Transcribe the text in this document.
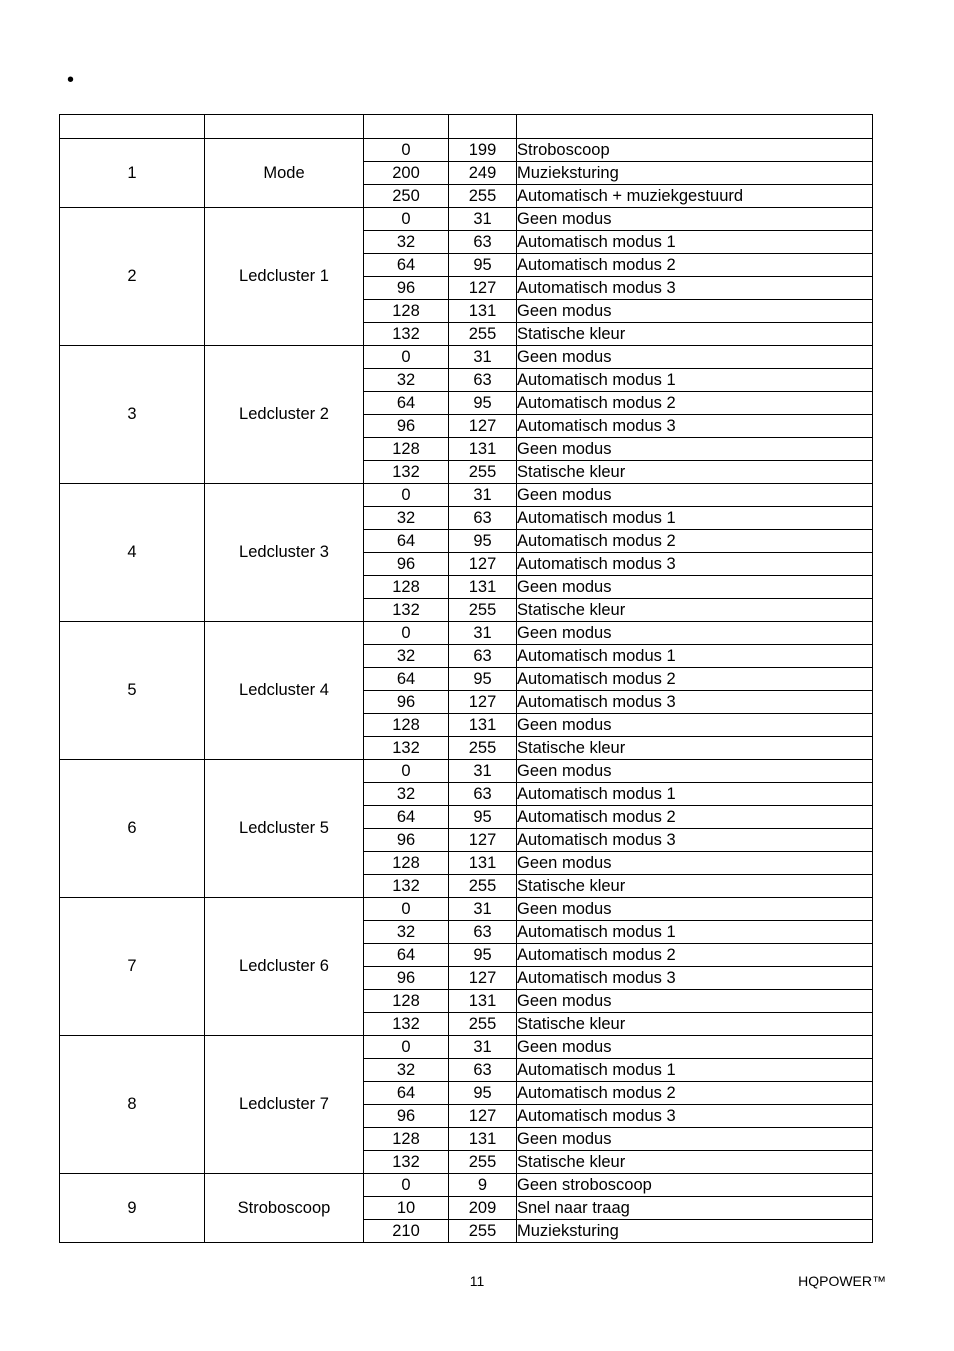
•

1	Mode	0	199	Stroboscoop
		200	249	Muzieksturing
		250	255	Automatisch + muziekgestuurd
2	Ledcluster 1	0	31	Geen modus
		32	63	Automatisch modus 1
		64	95	Automatisch modus 2
		96	127	Automatisch modus 3
		128	131	Geen modus
		132	255	Statische kleur
3	Ledcluster 2	0	31	Geen modus
		32	63	Automatisch modus 1
		64	95	Automatisch modus 2
		96	127	Automatisch modus 3
		128	131	Geen modus
		132	255	Statische kleur
4	Ledcluster 3	0	31	Geen modus
		32	63	Automatisch modus 1
		64	95	Automatisch modus 2
		96	127	Automatisch modus 3
		128	131	Geen modus
		132	255	Statische kleur
5	Ledcluster 4	0	31	Geen modus
		32	63	Automatisch modus 1
		64	95	Automatisch modus 2
		96	127	Automatisch modus 3
		128	131	Geen modus
		132	255	Statische kleur
6	Ledcluster 5	0	31	Geen modus
		32	63	Automatisch modus 1
		64	95	Automatisch modus 2
		96	127	Automatisch modus 3
		128	131	Geen modus
		132	255	Statische kleur
7	Ledcluster 6	0	31	Geen modus
		32	63	Automatisch modus 1
		64	95	Automatisch modus 2
		96	127	Automatisch modus 3
		128	131	Geen modus
		132	255	Statische kleur
8	Ledcluster 7	0	31	Geen modus
		32	63	Automatisch modus 1
		64	95	Automatisch modus 2
		96	127	Automatisch modus 3
		128	131	Geen modus
		132	255	Statische kleur
9	Stroboscoop	0	9	Geen stroboscoop
		10	209	Snel naar traag
		210	255	Muzieksturing
11	HQPOWER™
